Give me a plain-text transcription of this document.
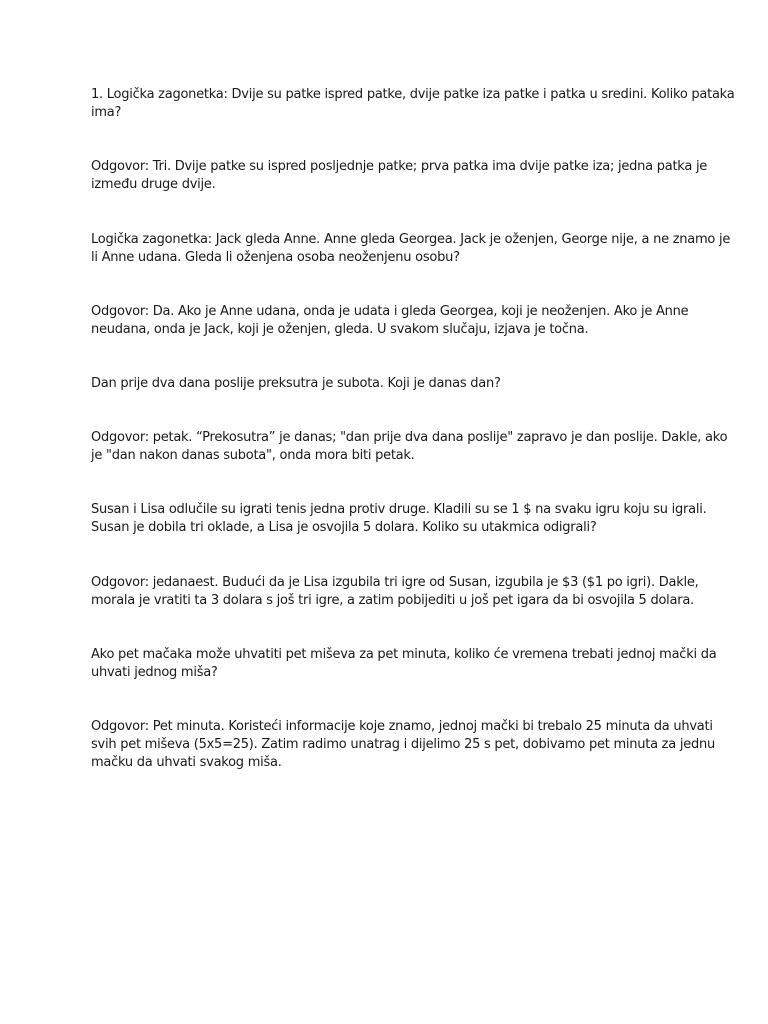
1. Logička zagonetka: Dvije su patke ispred patke, dvije patke iza patke i patka u sredini. Koliko pataka
ima?

Odgovor: Tri. Dvije patke su ispred posljednje patke; prva patka ima dvije patke iza; jedna patka je
između druge dvije.

Logička zagonetka: Jack gleda Anne. Anne gleda Georgea. Jack je oženjen, George nije, a ne znamo je
li Anne udana. Gleda li oženjena osoba neoženjenu osobu?

Odgovor: Da. Ako je Anne udana, onda je udata i gleda Georgea, koji je neoženjen. Ako je Anne
neudana, onda je Jack, koji je oženjen, gleda. U svakom slučaju, izjava je točna.

Dan prije dva dana poslije preksutra je subota. Koji je danas dan?

Odgovor: petak. “Prekosutra” je danas; "dan prije dva dana poslije" zapravo je dan poslije. Dakle, ako
je "dan nakon danas subota", onda mora biti petak.

Susan i Lisa odlučile su igrati tenis jedna protiv druge. Kladili su se 1 $ na svaku igru koju su igrali.
Susan je dobila tri oklade, a Lisa je osvojila 5 dolara. Koliko su utakmica odigrali?

Odgovor: jedanaest. Budući da je Lisa izgubila tri igre od Susan, izgubila je $3 ($1 po igri). Dakle,
morala je vratiti ta 3 dolara s još tri igre, a zatim pobijediti u još pet igara da bi osvojila 5 dolara.

Ako pet mačaka može uhvatiti pet miševa za pet minuta, koliko će vremena trebati jednoj mački da
uhvati jednog miša?

Odgovor: Pet minuta. Koristeći informacije koje znamo, jednoj mački bi trebalo 25 minuta da uhvati
svih pet miševa (5x5=25). Zatim radimo unatrag i dijelimo 25 s pet, dobivamo pet minuta za jednu
mačku da uhvati svakog miša.
